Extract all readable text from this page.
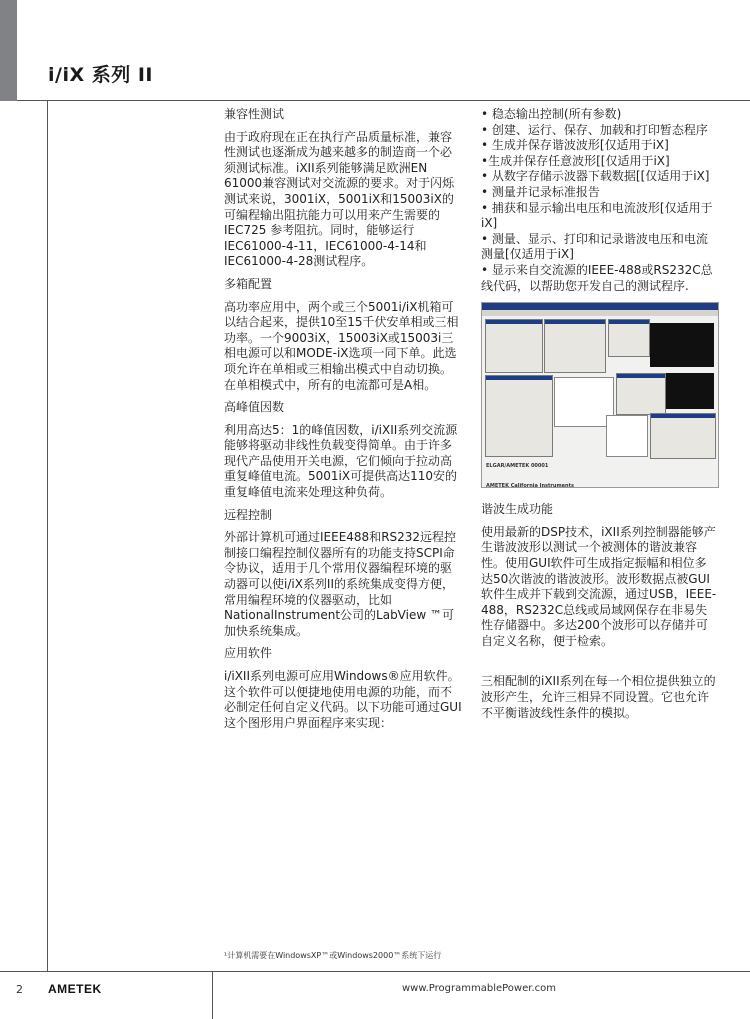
i/iX 系列 II
兼容性测试

由于政府现在正在执行产品质量标准，兼容性测试也逐渐成为越来越多的制造商一个必须测试标准。iXII系列能够满足欧洲EN 61000兼容测试对交流源的要求。对于闪烁测试来说，3001iX，5001iX和15003iX的可编程输出阻抗能力可以用来产生需要的IEC725 参考阻抗。同时，能够运行IEC61000-4-11，IEC61000-4-14和IEC61000-4-28测试程序。

多箱配置

高功率应用中，两个或三个5001i/iX机箱可以结合起来，提供10至15千伏安单相或三相功率。一个9003iX，15003iX或15003i三相电源可以和MODE-iX选项一同下单。此选项允许在单相或三相输出模式中自动切换。在单相模式中，所有的电流都可是A相。

高峰值因数

利用高达5：1的峰值因数，i/iXII系列交流源能够将驱动非线性负载变得简单。由于许多现代产品使用开关电源，它们倾向于拉动高重复峰值电流。5001iX可提供高达110安的重复峰值电流来处理这种负荷。

远程控制

外部计算机可通过IEEE488和RS232远程控制接口编程控制仪器所有的功能支持SCPI命令协议，适用于几个常用仪器编程环境的驱动器可以使i/iX系列II的系统集成变得方便，常用编程环境的仪器驱动，比如NationalInstrument公司的LabView ™可加快系统集成。

应用软件

i/iXII系列电源可应用Windows®应用软件。这个软件可以便捷地使用电源的功能，而不必制定任何自定义代码。以下功能可通过GUI这个图形用户界面程序来实现：

• 稳态输出控制(所有参数)
• 创建、运行、保存、加载和打印暂态程序
• 生成并保存谐波波形[仅适用于iX]
•生成并保存任意波形[[仅适用于iX]
• 从数字存储示波器下载数据[[仅适用于iX]
• 测量并记录标准报告
• 捕获和显示输出电压和电流波形[仅适用于iX]
• 测量、显示、打印和记录谐波电压和电流测量[仅适用于iX]
• 显示来自交流源的IEEE-488或RS232C总线代码，以帮助您开发自己的测试程序.
ELGAR/AMETEK 00001
AMETEK California Instruments
谐波生成功能

使用最新的DSP技术，iXII系列控制器能够产生谐波波形以测试一个被测体的谐波兼容性。使用GUI软件可生成指定振幅和相位多达50次谐波的谐波波形。波形数据点被GUI软件生成并下载到交流源，通过USB，IEEE-488，RS232C总线或局域网保存在非易失性存储器中。多达200个波形可以存储并可自定义名称，便于检索。

三相配制的iXII系列在每一个相位提供独立的波形产生，允许三相异不同设置。它也允许不平衡谐波线性条件的模拟。

¹计算机需要在WindowsXP™或Windows2000™系统下运行
2 AMETEK	www.ProgrammablePower.com
